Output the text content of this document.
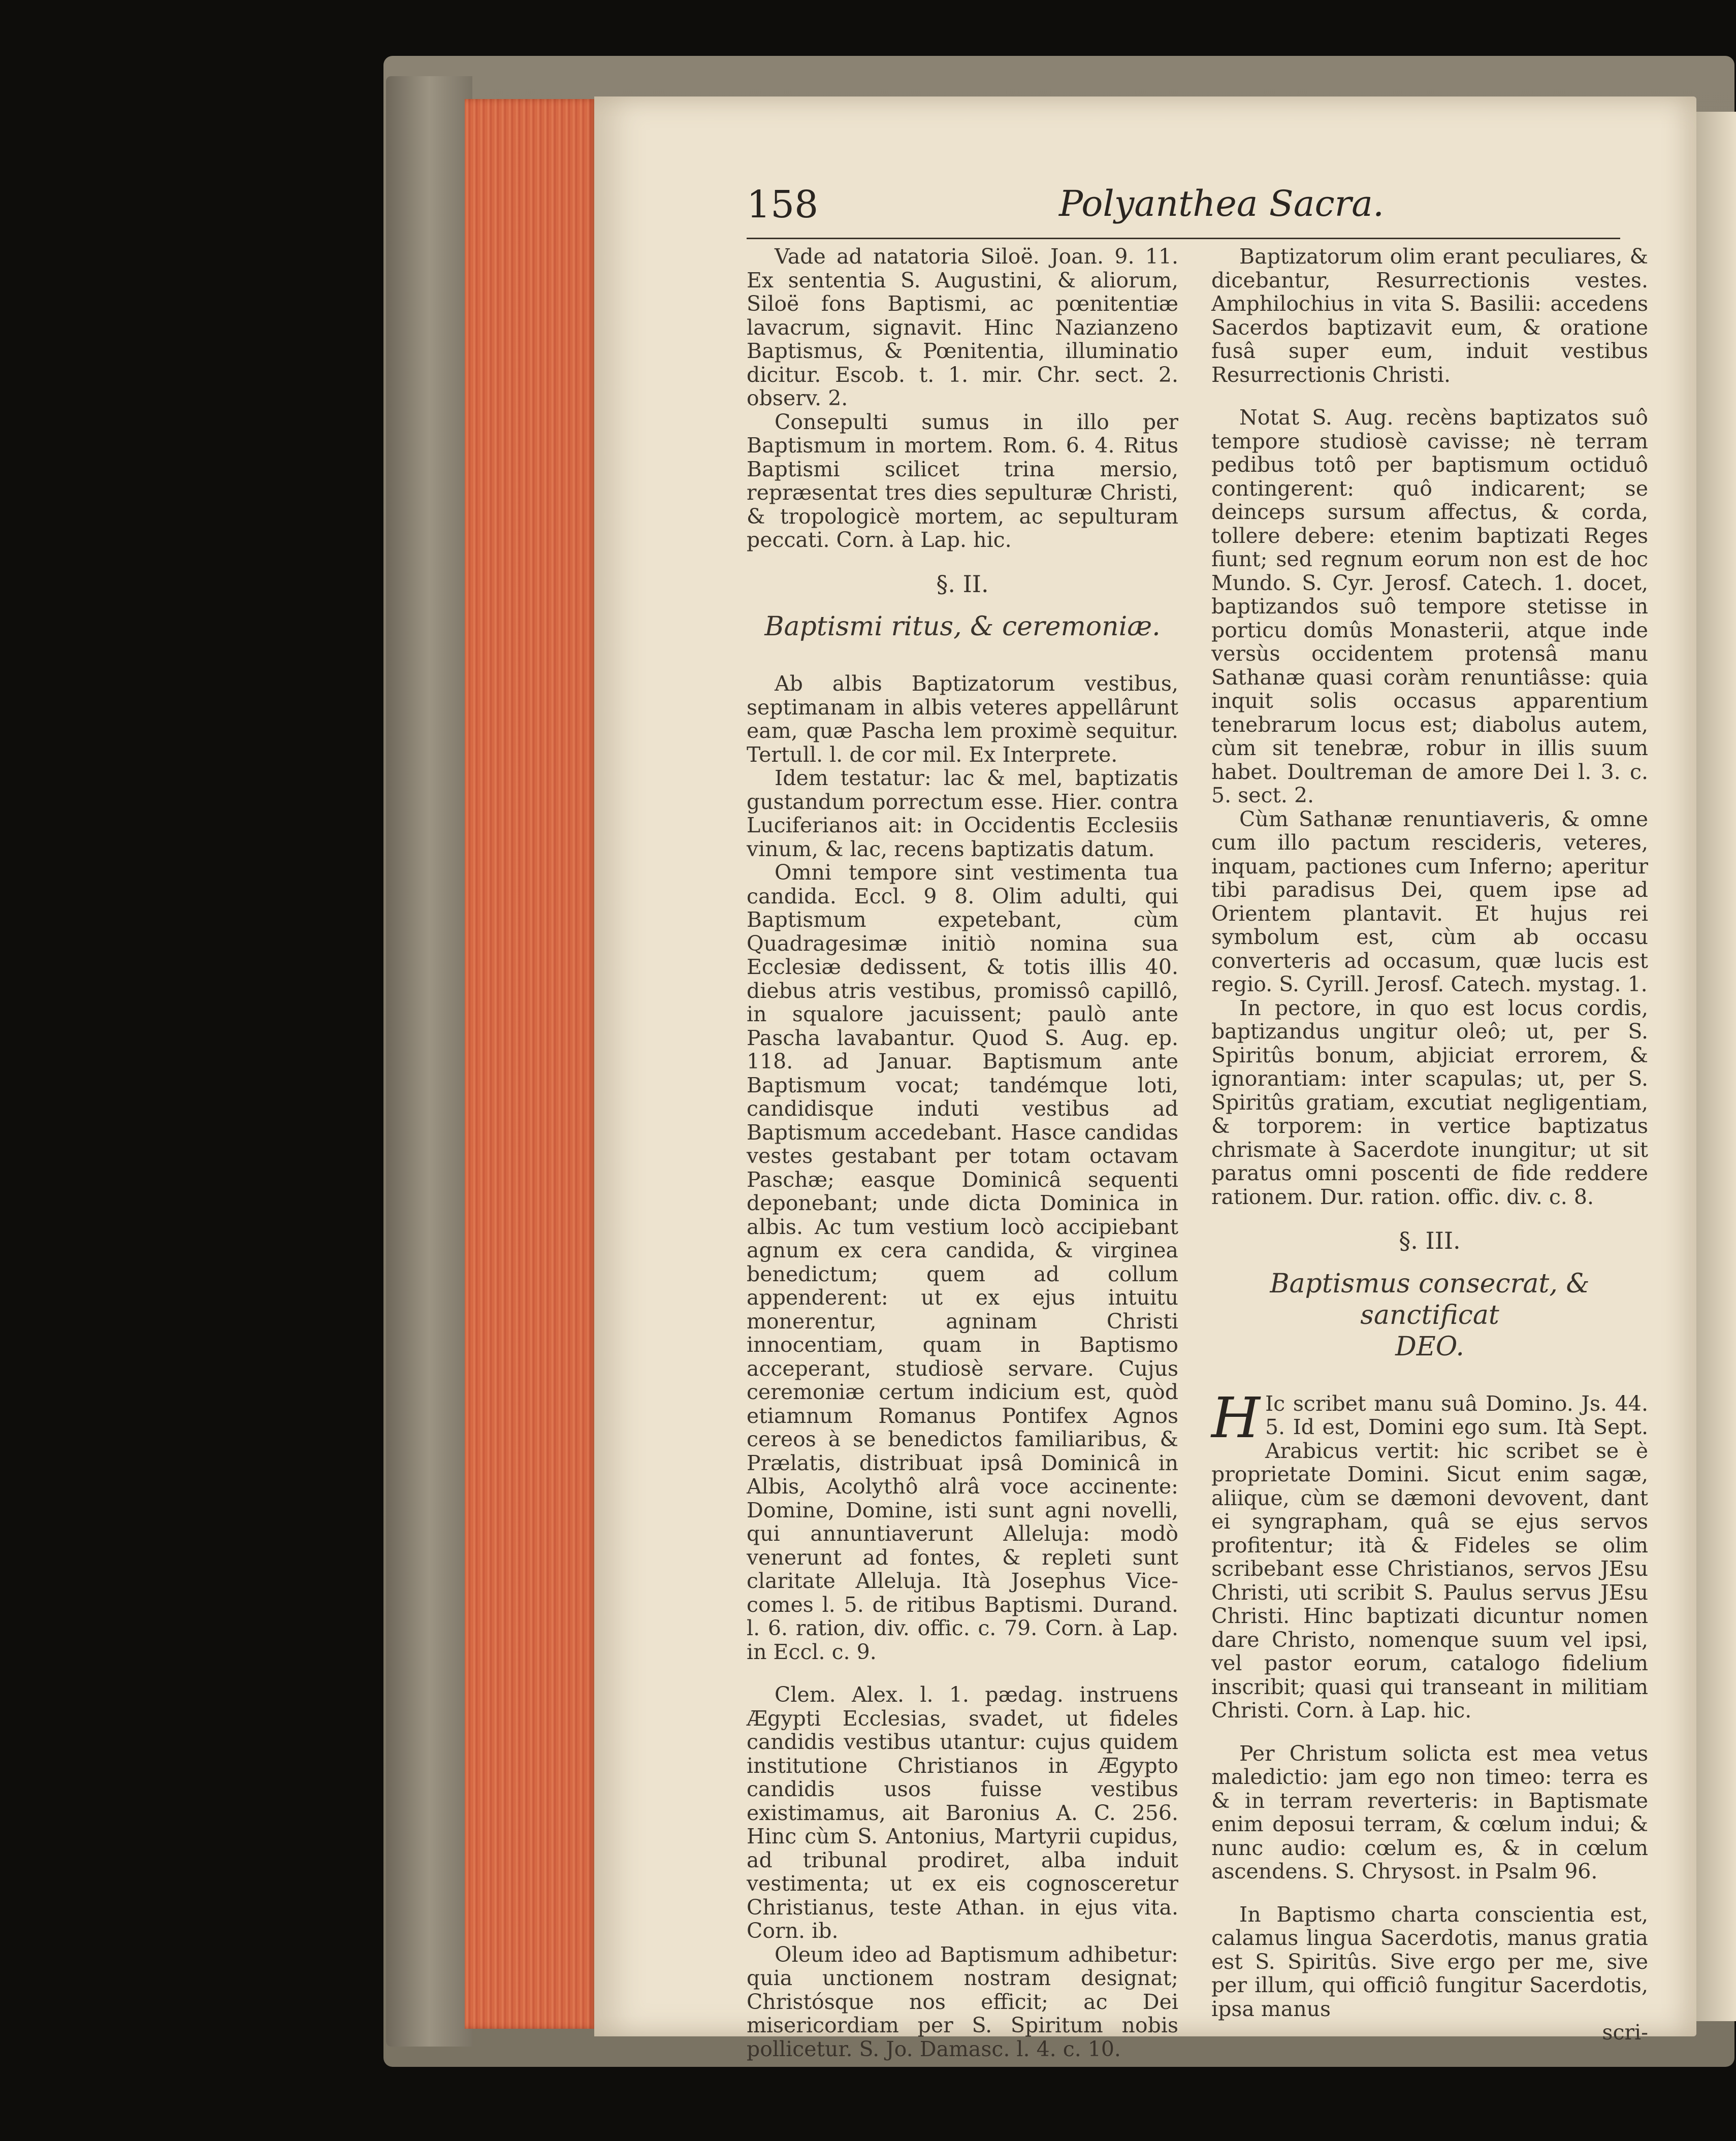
158	Polyanthea Sacra.

Vade ad natatoria Siloë. Joan. 9. 11. Ex sententia S. Augustini, & aliorum, Siloë fons Baptismi, ac pœnitentiæ lavacrum, signavit. Hinc Nazianzeno Baptismus, & Pœnitentia, illuminatio dicitur. Escob. t. 1. mir. Chr. sect. 2. observ. 2.

Consepulti sumus in illo per Baptismum in mortem. Rom. 6. 4. Ritus Baptismi scilicet trina mersio, repræsentat tres dies sepulturæ Christi, & tropologicè mortem, ac sepulturam peccati. Corn. à Lap. hic.

§. II.
Baptismi ritus, & ceremoniæ.

Ab albis Baptizatorum vestibus, septimanam in albis veteres appellârunt eam, quæ Pascha lem proximè sequitur. Tertull. l. de cor mil. Ex Interprete.

Idem testatur: lac & mel, baptizatis gustandum porrectum esse. Hier. contra Luciferianos ait: in Occidentis Ecclesiis vinum, & lac, recens baptizatis datum.

Omni tempore sint vestimenta tua candida. Eccl. 9 8. Olim adulti, qui Baptismum expetebant, cùm Quadragesimæ initiò nomina sua Ecclesiæ dedissent, & totis illis 40. diebus atris vestibus, promissô capillô, in squalore jacuissent; paulò ante Pascha lavabantur. Quod S. Aug. ep. 118. ad Januar. Baptismum ante Baptismum vocat; tandémque loti, candidisque induti vestibus ad Baptismum accedebant. Hasce candidas vestes gestabant per totam octavam Paschæ; easque Dominicâ sequenti deponebant; unde dicta Dominica in albis. Ac tum vestium locò accipiebant agnum ex cera candida, & virginea benedictum; quem ad collum appenderent: ut ex ejus intuitu monerentur, agninam Christi innocentiam, quam in Baptismo acceperant, studiosè servare. Cujus ceremoniæ certum indicium est, quòd etiamnum Romanus Pontifex Agnos cereos à se benedictos familiaribus, & Prælatis, distribuat ipsâ Dominicâ in Albis, Acolythô alrâ voce accinente: Domine, Domine, isti sunt agni novelli, qui annuntiaverunt Alleluja: modò venerunt ad fontes, & repleti sunt claritate Alleluja. Ità Josephus Vice-comes l. 5. de ritibus Baptismi. Durand. l. 6. ration, div. offic. c. 79. Corn. à Lap. in Eccl. c. 9.

Clem. Alex. l. 1. pædag. instruens Ægypti Ecclesias, svadet, ut fideles candidis vestibus utantur: cujus quidem institutione Christianos in Ægypto candidis usos fuisse vestibus existimamus, ait Baronius A. C. 256. Hinc cùm S. Antonius, Martyrii cupidus, ad tribunal prodiret, alba induit vestimenta; ut ex eis cognosceretur Christianus, teste Athan. in ejus vita. Corn. ib.

Oleum ideo ad Baptismum adhibetur: quia unctionem nostram designat; Christósque nos efficit; ac Dei misericordiam per S. Spiritum nobis pollicetur. S. Jo. Damasc. l. 4. c. 10.

Baptizatorum olim erant peculiares, & dicebantur, Resurrectionis vestes. Amphilochius in vita S. Basilii: accedens Sacerdos baptizavit eum, & oratione fusâ super eum, induit vestibus Resurrectionis Christi.

Notat S. Aug. recèns baptizatos suô tempore studiosè cavisse; nè terram pedibus totô per baptismum octiduô contingerent: quô indicarent; se deinceps sursum affectus, & corda, tollere debere: etenim baptizati Reges fiunt; sed regnum eorum non est de hoc Mundo. S. Cyr. Jerosf. Catech. 1. docet, baptizandos suô tempore stetisse in porticu domûs Monasterii, atque inde versùs occidentem protensâ manu Sathanæ quasi coràm renuntiâsse: quia inquit solis occasus apparentium tenebrarum locus est; diabolus autem, cùm sit tenebræ, robur in illis suum habet. Doultreman de amore Dei l. 3. c. 5. sect. 2.

Cùm Sathanæ renuntiaveris, & omne cum illo pactum rescideris, veteres, inquam, pactiones cum Inferno; aperitur tibi paradisus Dei, quem ipse ad Orientem plantavit. Et hujus rei symbolum est, cùm ab occasu converteris ad occasum, quæ lucis est regio. S. Cyrill. Jerosf. Catech. mystag. 1.

In pectore, in quo est locus cordis, baptizandus ungitur oleô; ut, per S. Spiritûs bonum, abjiciat errorem, & ignorantiam: inter scapulas; ut, per S. Spiritûs gratiam, excutiat negligentiam, & torporem: in vertice baptizatus chrismate à Sacerdote inungitur; ut sit paratus omni poscenti de fide reddere rationem. Dur. ration. offic. div. c. 8.

§. III.
Baptismus consecrat, & sanctificat
DEO.

H Ic scribet manu suâ Domino. Js. 44. 5. Id est, Domini ego sum. Ità Sept. Arabicus vertit: hic scribet se è proprietate Domini. Sicut enim sagæ, aliique, cùm se dæmoni devovent, dant ei syngrapham, quâ se ejus servos profitentur; ità & Fideles se olim scribebant esse Christianos, servos JEsu Christi, uti scribit S. Paulus servus JEsu Christi. Hinc baptizati dicuntur nomen dare Christo, nomenque suum vel ipsi, vel pastor eorum, catalogo fidelium inscribit; quasi qui transeant in militiam Christi. Corn. à Lap. hic.

Per Christum solicta est mea vetus maledictio: jam ego non timeo: terra es & in terram reverteris: in Baptismate enim deposui terram, & cœlum indui; & nunc audio: cœlum es, & in cœlum ascendens. S. Chrysost. in Psalm 96.

In Baptismo charta conscientia est, calamus lingua Sacerdotis, manus gratia est S. Spiritûs. Sive ergo per me, sive per illum, qui officiô fungitur Sacerdotis, ipsa manus

scri-
